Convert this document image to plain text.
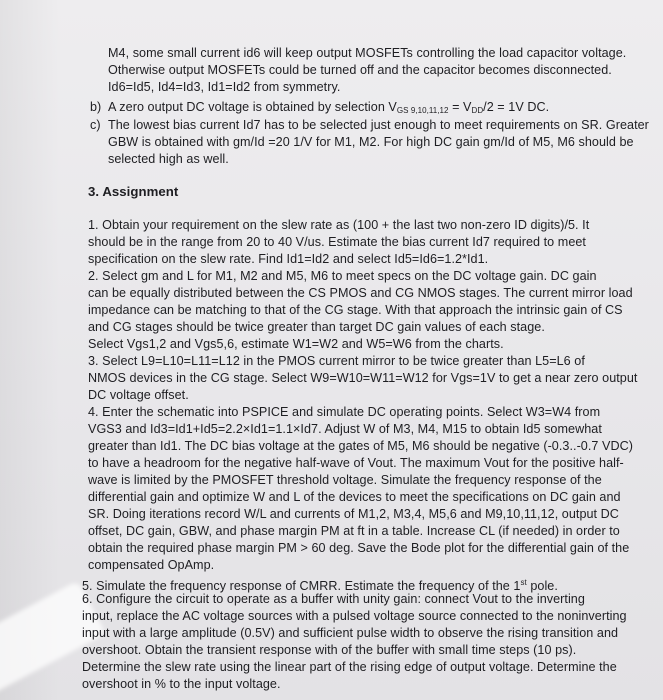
M4, some small current id6 will keep output MOSFETs controlling the load capacitor voltage.
Otherwise output MOSFETs could be turned off and the capacitor becomes disconnected.
Id6=Id5, Id4=Id3, Id1=Id2 from symmetry.
b) A zero output DC voltage is obtained by selection $V_{GS 9,10,11,12} = V_{DD}/2 = 1V$ DC.
c) The lowest bias current Id7 has to be selected just enough to meet requirements on SR. Greater
GBW is obtained with gm/Id =20 1/V for M1, M2. For high DC gain gm/Id of M5, M6 should be
selected high as well.
3. Assignment
1. Obtain your requirement on the slew rate as (100 + the last two non-zero ID digits)/5. It
should be in the range from 20 to 40 V/us. Estimate the bias current Id7 required to meet
specification on the slew rate. Find Id1=Id2 and select Id5=Id6=1.2*Id1.
2. Select gm and L for M1, M2 and M5, M6 to meet specs on the DC voltage gain. DC gain
can be equally distributed between the CS PMOS and CG NMOS stages. The current mirror load
impedance can be matching to that of the CG stage. With that approach the intrinsic gain of CS
and CG stages should be twice greater than target DC gain values of each stage.
Select Vgs1,2 and Vgs5,6, estimate W1=W2 and W5=W6 from the charts.
3. Select L9=L10=L11=L12 in the PMOS current mirror to be twice greater than L5=L6 of
NMOS devices in the CG stage. Select W9=W10=W11=W12 for Vgs=1V to get a near zero output
DC voltage offset.
4. Enter the schematic into PSPICE and simulate DC operating points. Select W3=W4 from
VGS3 and Id3=Id1+Id5=2.2×Id1=1.1×Id7. Adjust W of M3, M4, M15 to obtain Id5 somewhat
greater than Id1. The DC bias voltage at the gates of M5, M6 should be negative (-0.3..-0.7 VDC)
to have a headroom for the negative half-wave of Vout. The maximum Vout for the positive half-
wave is limited by the PMOSFET threshold voltage. Simulate the frequency response of the
differential gain and optimize W and L of the devices to meet the specifications on DC gain and
SR. Doing iterations record W/L and currents of M1,2, M3,4, M5,6 and M9,10,11,12, output DC
offset, DC gain, GBW, and phase margin PM at ft in a table. Increase CL (if needed) in order to
obtain the required phase margin PM > 60 deg. Save the Bode plot for the differential gain of the
compensated OpAmp.
5. Simulate the frequency response of CMRR. Estimate the frequency of the 1st pole.
6. Configure the circuit to operate as a buffer with unity gain: connect Vout to the inverting
input, replace the AC voltage sources with a pulsed voltage source connected to the noninverting
input with a large amplitude (0.5V) and sufficient pulse width to observe the rising transition and
overshoot. Obtain the transient response with of the buffer with small time steps (10 ps).
Determine the slew rate using the linear part of the rising edge of output voltage. Determine the
overshoot in % to the input voltage.
